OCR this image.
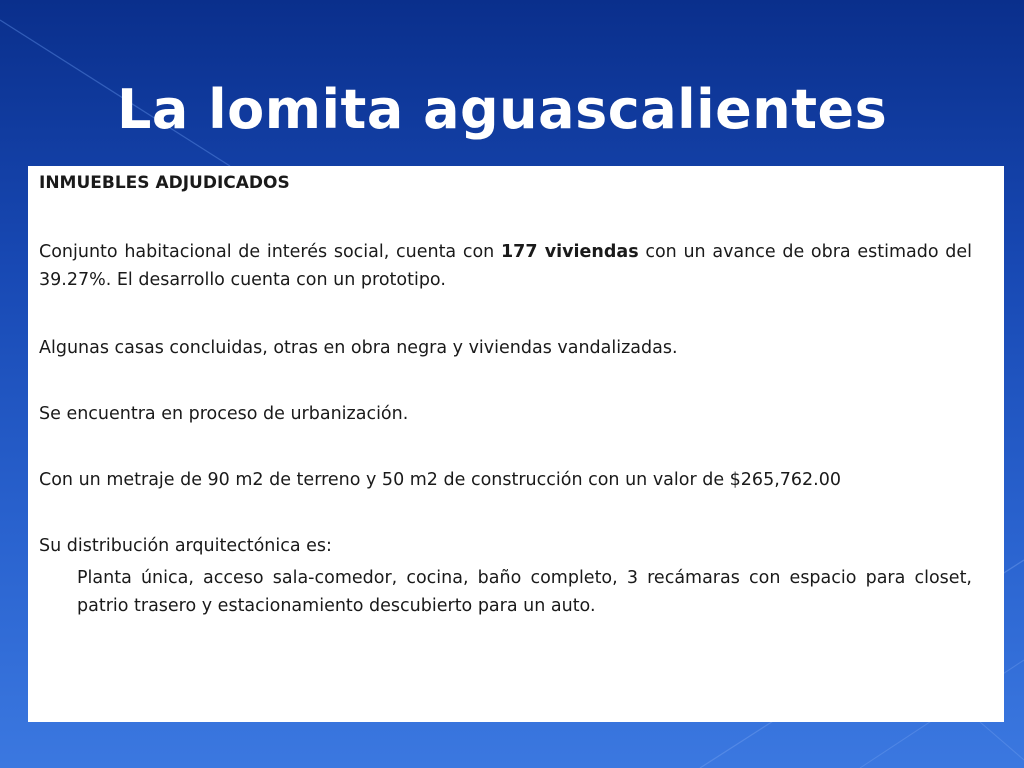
La lomita aguascalientes

INMUEBLES ADJUDICADOS

Conjunto habitacional de interés social, cuenta con 177 viviendas con un avance de obra estimado del 39.27%. El desarrollo cuenta con un prototipo.

Algunas casas concluidas, otras en obra negra y viviendas vandalizadas.

Se encuentra en proceso de urbanización.

Con un metraje de 90 m2 de terreno y 50 m2 de construcción con un valor de $265,762.00

Su distribución arquitectónica es:

Planta única, acceso sala-comedor, cocina, baño completo, 3 recámaras con espacio para closet, patrio trasero y estacionamiento descubierto para un auto.
